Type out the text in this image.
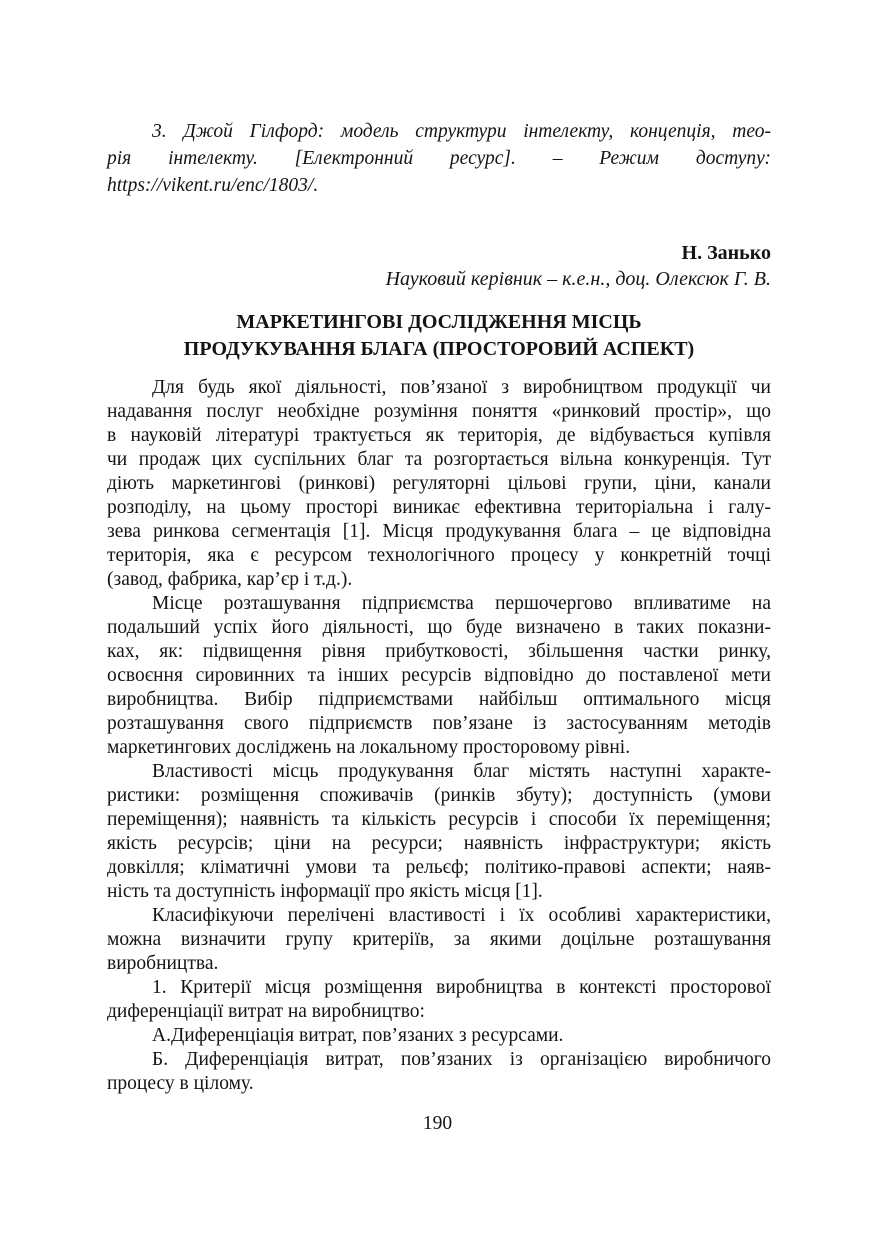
3. Джой Гілфорд: модель структури інтелекту, концепція, тео-
рія інтелекту. [Електронний ресурс]. – Режим доступу:
https://vikent.ru/enc/1803/.
Н. Занько
Науковий керівник – к.е.н., доц. Олексюк Г. В.
МАРКЕТИНГОВІ ДОСЛІДЖЕННЯ МІСЦЬ
ПРОДУКУВАННЯ БЛАГА (ПРОСТОРОВИЙ АСПЕКТ)
Для будь якої діяльності, пов’язаної з виробництвом продукції чи
надавання послуг необхідне розуміння поняття «ринковий простір», що
в науковій літературі трактується як територія, де відбувається купівля
чи продаж цих суспільних благ та розгортається вільна конкуренція. Тут
діють маркетингові (ринкові) регуляторні цільові групи, ціни, канали
розподілу, на цьому просторі виникає ефективна територіальна і галу-
зева ринкова сегментація [1]. Місця продукування блага – це відповідна
територія, яка є ресурсом технологічного процесу у конкретній точці
(завод, фабрика, кар’єр і т.д.).
Місце розташування підприємства першочергово впливатиме на
подальший успіх його діяльності, що буде визначено в таких показни-
ках, як: підвищення рівня прибутковості, збільшення частки ринку,
освоєння сировинних та інших ресурсів відповідно до поставленої мети
виробництва. Вибір підприємствами найбільш оптимального місця
розташування свого підприємств пов’язане із застосуванням методів
маркетингових досліджень на локальному просторовому рівні.
Властивості місць продукування благ містять наступні характе-
ристики: розміщення споживачів (ринків збуту); доступність (умови
переміщення); наявність та кількість ресурсів і способи їх переміщення;
якість ресурсів; ціни на ресурси; наявність інфраструктури; якість
довкілля; кліматичні умови та рельєф; політико-правові аспекти; наяв-
ність та доступність інформації про якість місця [1].
Класифікуючи перелічені властивості і їх особливі характеристики,
можна визначити групу критеріїв, за якими доцільне розташування
виробництва.
1. Критерії місця розміщення виробництва в контексті просторової
диференціації витрат на виробництво:
А.Диференціація витрат, пов’язаних з ресурсами.
Б. Диференціація витрат, пов’язаних із організацією виробничого
процесу в цілому.
190
